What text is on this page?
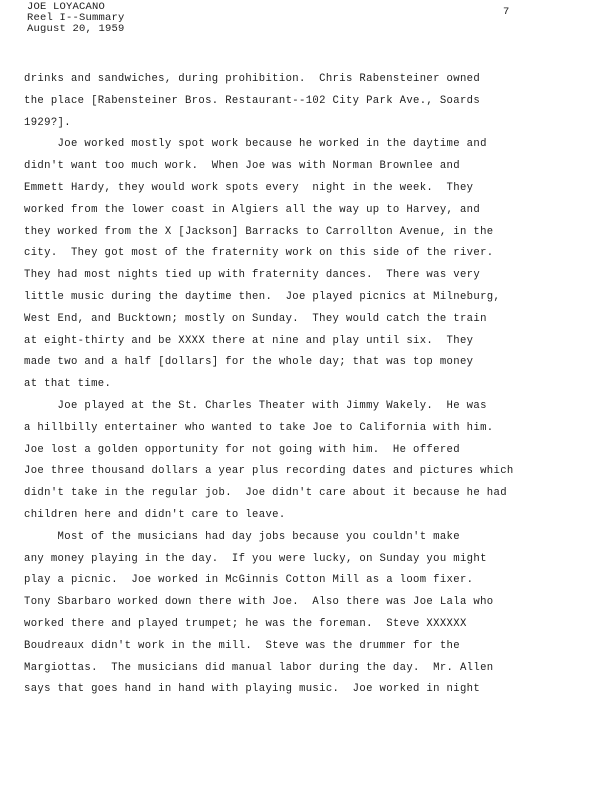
JOE LOYACANO
Reel I--Summary
August 20, 1959
7
drinks and sandwiches, during prohibition.  Chris Rabensteiner owned
the place [Rabensteiner Bros. Restaurant--102 City Park Ave., Soards
1929?].
Joe worked mostly spot work because he worked in the daytime and
didn't want too much work.  When Joe was with Norman Brownlee and
Emmett Hardy, they would work spots every  night in the week.  They
worked from the lower coast in Algiers all the way up to Harvey, and
they worked from the X [Jackson] Barracks to Carrollton Avenue, in the
city.  They got most of the fraternity work on this side of the river.
They had most nights tied up with fraternity dances.  There was very
little music during the daytime then.  Joe played picnics at Milneburg,
West End, and Bucktown; mostly on Sunday.  They would catch the train
at eight-thirty and be XXXX there at nine and play until six.  They
made two and a half [dollars] for the whole day; that was top money
at that time.
Joe played at the St. Charles Theater with Jimmy Wakely.  He was
a hillbilly entertainer who wanted to take Joe to California with him.
Joe lost a golden opportunity for not going with him.  He offered
Joe three thousand dollars a year plus recording dates and pictures which
didn't take in the regular job.  Joe didn't care about it because he had
children here and didn't care to leave.
Most of the musicians had day jobs because you couldn't make
any money playing in the day.  If you were lucky, on Sunday you might
play a picnic.  Joe worked in McGinnis Cotton Mill as a loom fixer.
Tony Sbarbaro worked down there with Joe.  Also there was Joe Lala who
worked there and played trumpet; he was the foreman.  Steve XXXXXX
Boudreaux didn't work in the mill.  Steve was the drummer for the
Margiottas.  The musicians did manual labor during the day.  Mr. Allen
says that goes hand in hand with playing music.  Joe worked in night
